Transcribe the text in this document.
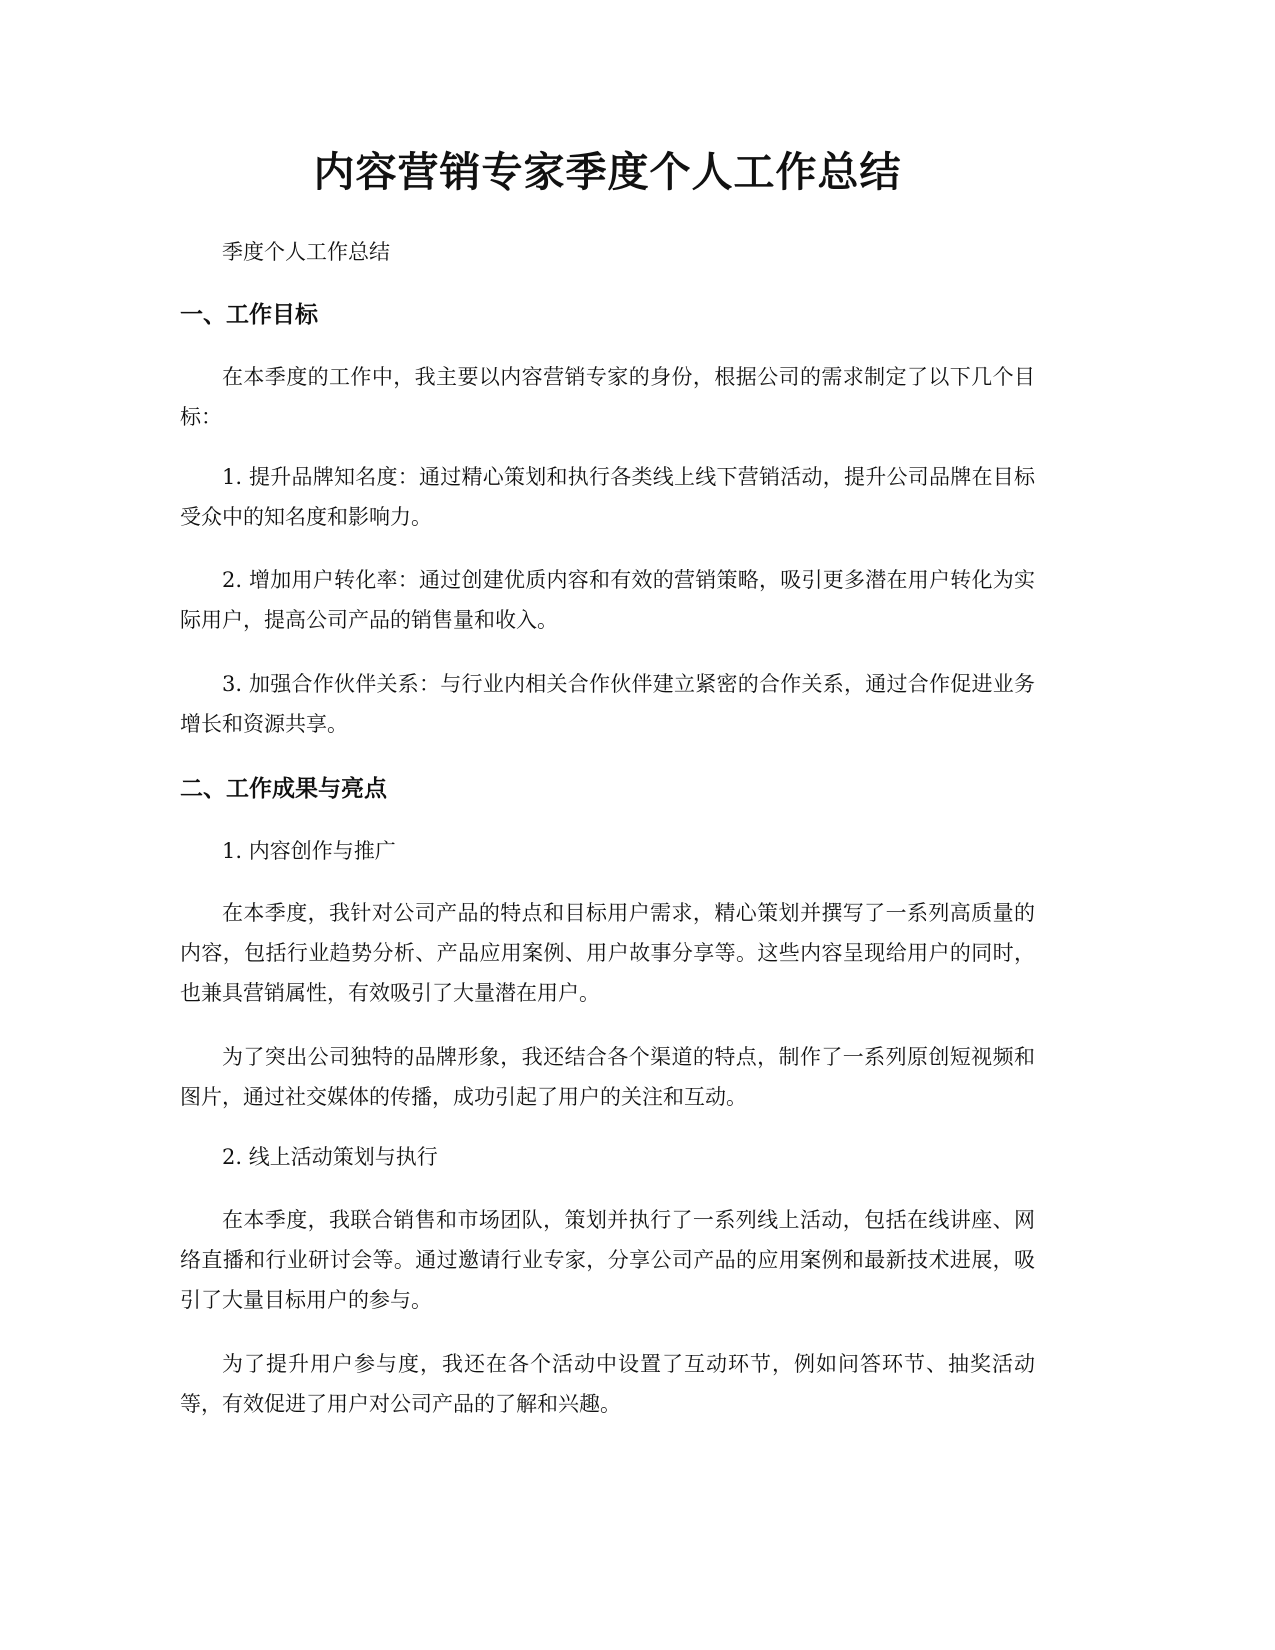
内容营销专家季度个人工作总结

季度个人工作总结

一、工作目标

在本季度的工作中，我主要以内容营销专家的身份，根据公司的需求制定了以下几个目标：

1. 提升品牌知名度：通过精心策划和执行各类线上线下营销活动，提升公司品牌在目标受众中的知名度和影响力。

2. 增加用户转化率：通过创建优质内容和有效的营销策略，吸引更多潜在用户转化为实际用户，提高公司产品的销售量和收入。

3. 加强合作伙伴关系：与行业内相关合作伙伴建立紧密的合作关系，通过合作促进业务增长和资源共享。

二、工作成果与亮点

1. 内容创作与推广

在本季度，我针对公司产品的特点和目标用户需求，精心策划并撰写了一系列高质量的内容，包括行业趋势分析、产品应用案例、用户故事分享等。这些内容呈现给用户的同时，也兼具营销属性，有效吸引了大量潜在用户。

为了突出公司独特的品牌形象，我还结合各个渠道的特点，制作了一系列原创短视频和图片，通过社交媒体的传播，成功引起了用户的关注和互动。

2. 线上活动策划与执行

在本季度，我联合销售和市场团队，策划并执行了一系列线上活动，包括在线讲座、网络直播和行业研讨会等。通过邀请行业专家，分享公司产品的应用案例和最新技术进展，吸引了大量目标用户的参与。

为了提升用户参与度，我还在各个活动中设置了互动环节，例如问答环节、抽奖活动等，有效促进了用户对公司产品的了解和兴趣。
